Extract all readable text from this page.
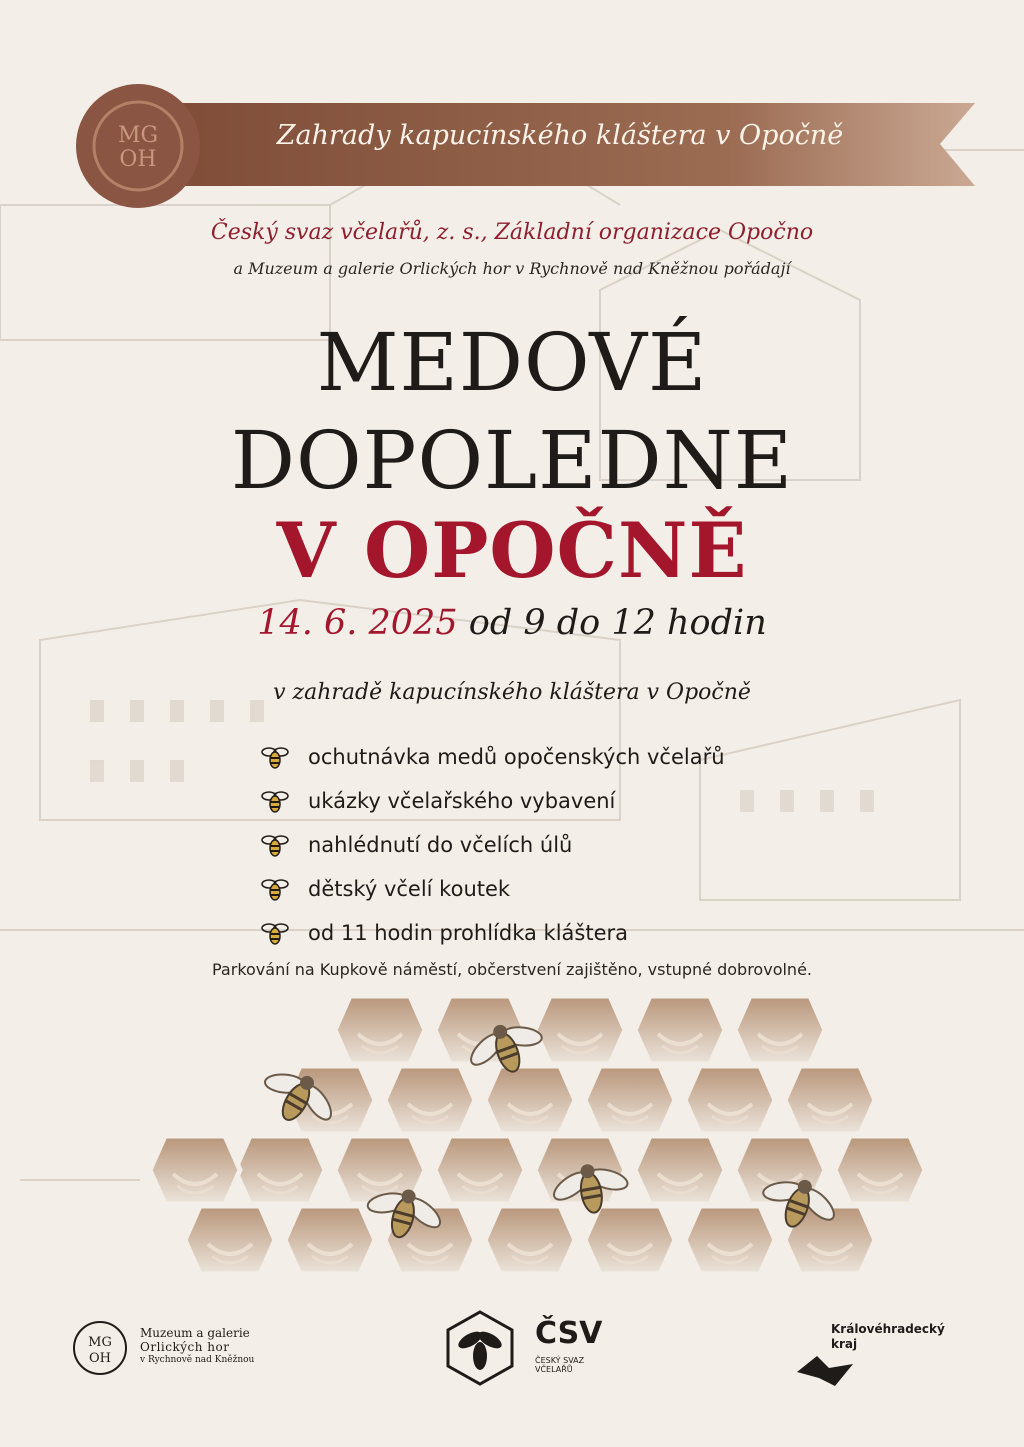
Zahrady kapucínského kláštera v Opočně
MG
OH
Český svaz včelařů, z. s., Základní organizace Opočno
a Muzeum a galerie Orlických hor v Rychnově nad Kněžnou pořádají
MEDOVÉ
DOPOLEDNE
V OPOČNĚ
14. 6. 2025 od 9 do 12 hodin
v zahradě kapucínského kláštera v Opočně
ochutnávka medů opočenských včelařů
ukázky včelařského vybavení
nahlédnutí do včelích úlů
dětský včelí koutek
od 11 hodin prohlídka kláštera
Parkování na Kupkově náměstí, občerstvení zajištěno, vstupné dobrovolné.
MG
OH
Muzeum a galerie
Orlických hor
v Rychnově nad Kněžnou
ČSV
ČESKÝ SVAZ
VČELAŘŮ
Královéhradecký
kraj
